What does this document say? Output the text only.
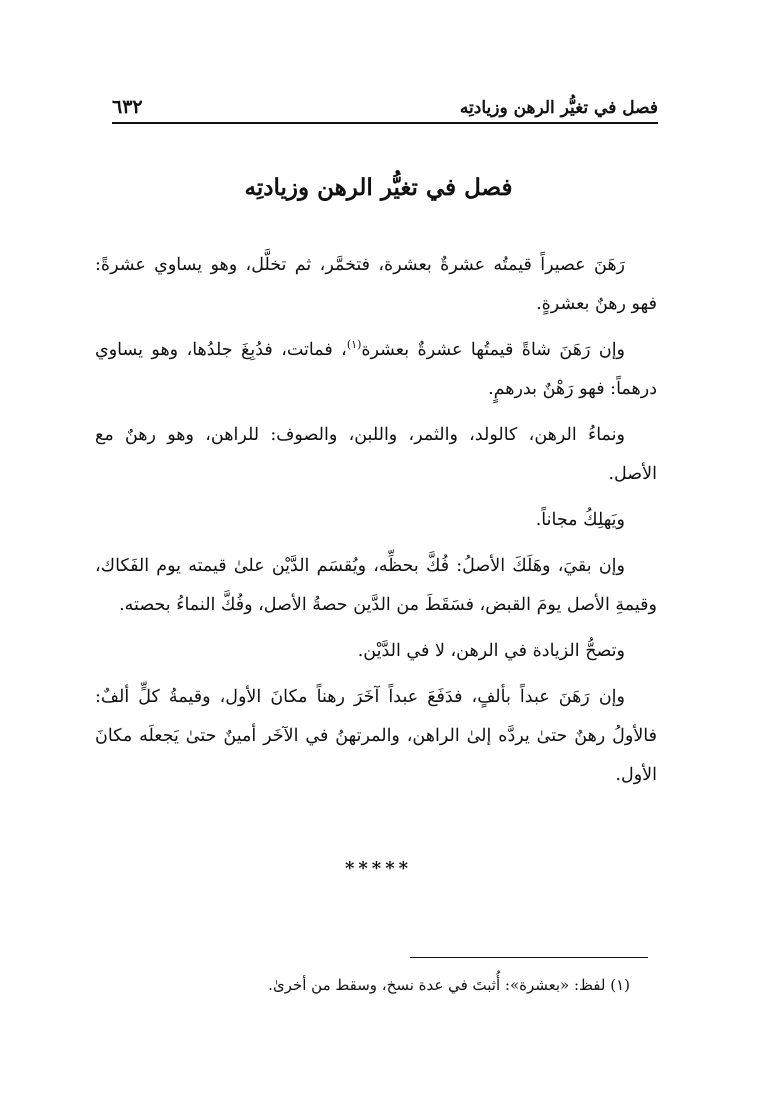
فصل في تغيُّر الرهن وزيادتِه
٦٣٢
فصل في تغيُّر الرهن وزيادتِه

رَهَنَ عصيراً قيمتُه عشرةٌ بعشرة، فتخمَّر، ثم تخلَّل، وهو يساوي عشرةً: فهو رهنٌ بعشرةٍ.

وإن رَهَنَ شاةً قيمتُها عشرةٌ بعشرة$^{(١)}$، فماتت، فدُبِغَ جلدُها، وهو يساوي درهماً: فهو رَهْنٌ بدرهمٍ.

ونماءُ الرهن، كالولد، والثمر، واللبن، والصوف: للراهن، وهو رهنٌ مع الأصل.

ويَهلِكُ مجاناً.

وإن بقيَ، وهَلَكَ الأصلُ: فُكَّ بحظِّه، ويُقسَم الدَّيْن علىٰ قيمته يوم الفَكاك، وقيمةِ الأصل يومَ القبض، فسَقَطَ من الدَّين حصةُ الأصل، وفُكَّ النماءُ بحصته.

وتصحُّ الزيادة في الرهن، لا في الدَّيْن.

وإن رَهَنَ عبداً بألفٍ، فدَفَعَ عبداً آخَرَ رهناً مكانَ الأول، وقيمةُ كلٍّ ألفٌ: فالأولُ رهنٌ حتىٰ يردَّه إلىٰ الراهن، والمرتهنُ في الآخَر أمينٌ حتىٰ يَجعلَه مكانَ الأول.

*****
(١) لفظ: «بعشرة»: أُثبتَ في عدة نسخ، وسقط من أخرىٰ.
